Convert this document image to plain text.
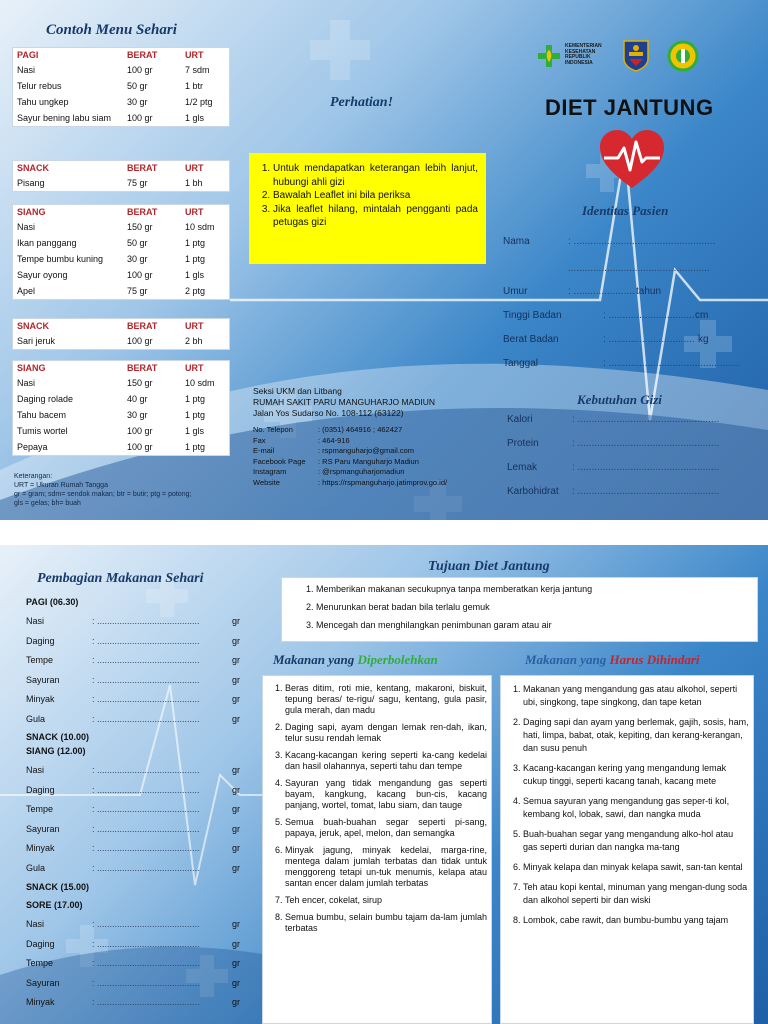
Contoh Menu Sehari
PAGI	BERAT	URT
Nasi	100 gr	7 sdm
Telur rebus	50 gr	1 btr
Tahu ungkep	30 gr	1/2 ptg
Sayur bening labu siam	100 gr	1 gls
SNACK	BERAT	URT
Pisang	75 gr	1 bh
SIANG	BERAT	URT
Nasi	150 gr	10 sdm
Ikan panggang	50 gr	1 ptg
Tempe bumbu kuning	30 gr	1 ptg
Sayur oyong	100 gr	1 gls
Apel	75 gr	2 ptg
SNACK	BERAT	URT
Sari jeruk	100 gr	2 bh
SIANG	BERAT	URT
Nasi	150 gr	10 sdm
Daging rolade	40 gr	1 ptg
Tahu bacem	30 gr	1 ptg
Tumis wortel	100 gr	1 gls
Pepaya	100 gr	1 ptg
Keterangan:
URT = Ukuran Rumah Tangga
gr = gram; sdm= sendok makan; btr = butir; ptg = potong;
gls = gelas; bh= buah
Perhatian!
1. Untuk mendapatkan keterangan lebih lanjut, hubungi ahli gizi
2. Bawalah Leaflet ini bila periksa
3. Jika leaflet hilang, mintalah pengganti pada petugas gizi
Seksi UKM dan Litbang
RUMAH SAKIT PARU MANGUHARJO MADIUN
Jalan Yos Sudarso No. 108-112 (63122)
No. Telepon	: (0351) 464916 ; 462427
Fax	: 464-916
E-mail	: rspmanguharjo@gmail.com
Facebook Page	: RS Paru Manguharjo Madiun
Instagram	: @rspmanguharjomadiun
Website	: https://rspmanguharjo.jatimprov.go.id/
KEMENTERIAN
KESEHATAN
REPUBLIK
INDONESIA
DIET JANTUNG
Identitas Pasien
Nama	: ...................................................
...................................................
Umur	: ...................... tahun
Tinggi Badan	: ............................... cm
Berat Badan	: ............................... kg
Tanggal	: ...............................................
Kebutuhan Gizi
Kalori	: ...................................................
Protein	: ...................................................
Lemak	: ...................................................
Karbohidrat	: ...................................................
Pembagian Makanan Sehari
PAGI (06.30)
Nasi	: .........................................	gr
Daging	: .........................................	gr
Tempe	: .........................................	gr
Sayuran	: .........................................	gr
Minyak	: .........................................	gr
Gula	: .........................................	gr
SNACK (10.00)
SIANG (12.00)
Nasi	: .........................................	gr
Daging	: .........................................	gr
Tempe	: .........................................	gr
Sayuran	: .........................................	gr
Minyak	: .........................................	gr
Gula	: .........................................	gr
SNACK (15.00)
SORE (17.00)
Nasi	: .........................................	gr
Daging	: .........................................	gr
Tempe	: .........................................	gr
Sayuran	: .........................................	gr
Minyak	: .........................................	gr
Tujuan Diet Jantung
1. Memberikan makanan secukupnya tanpa memberatkan kerja jantung
2. Menurunkan berat badan bila terlalu gemuk
3. Mencegah dan menghilangkan penimbunan garam atau air
Makanan yang Diperbolehkan
1. Beras ditim, roti mie, kentang, makaroni, biskuit, tepung beras/ te-rigu/ sagu, kentang, gula pasir, gula merah, dan madu
2. Daging sapi, ayam dengan lemak ren-dah, ikan, telur susu rendah lemak
3. Kacang-kacangan kering seperti ka-cang kedelai dan hasil olahannya, seperti tahu dan tempe
4. Sayuran yang tidak mengandung gas seperti bayam, kangkung, kacang bun-cis, kacang panjang, wortel, tomat, labu siam, dan tauge
5. Semua buah-buahan segar seperti pi-sang, papaya, jeruk, apel, melon, dan semangka
6. Minyak jagung, minyak kedelai, marga-rine, mentega dalam jumlah terbatas dan tidak untuk menggoreng tetapi un-tuk menumis, kelapa atau santan encer dalam jumlah terbatas
7. Teh encer, cokelat, sirup
8. Semua bumbu, selain bumbu tajam da-lam jumlah terbatas
Makanan yang Harus Dihindari
1. Makanan yang mengandung gas atau alkohol, seperti ubi, singkong, tape singkong, dan tape ketan
2. Daging sapi dan ayam yang berlemak, gajih, sosis, ham, hati, limpa, babat, otak, kepiting, dan kerang-kerangan, dan susu penuh
3. Kacang-kacangan kering yang mengandung lemak cukup tinggi, seperti kacang tanah, kacang mete
4. Semua sayuran yang mengandung gas seper-ti kol, kembang kol, lobak, sawi, dan nangka muda
5. Buah-buahan segar yang mengandung alko-hol atau gas seperti durian dan nangka ma-tang
6. Minyak kelapa dan minyak kelapa sawit, san-tan kental
7. Teh atau kopi kental, minuman yang mengan-dung soda dan alkohol seperti bir dan wiski
8. Lombok, cabe rawit, dan bumbu-bumbu yang tajam
